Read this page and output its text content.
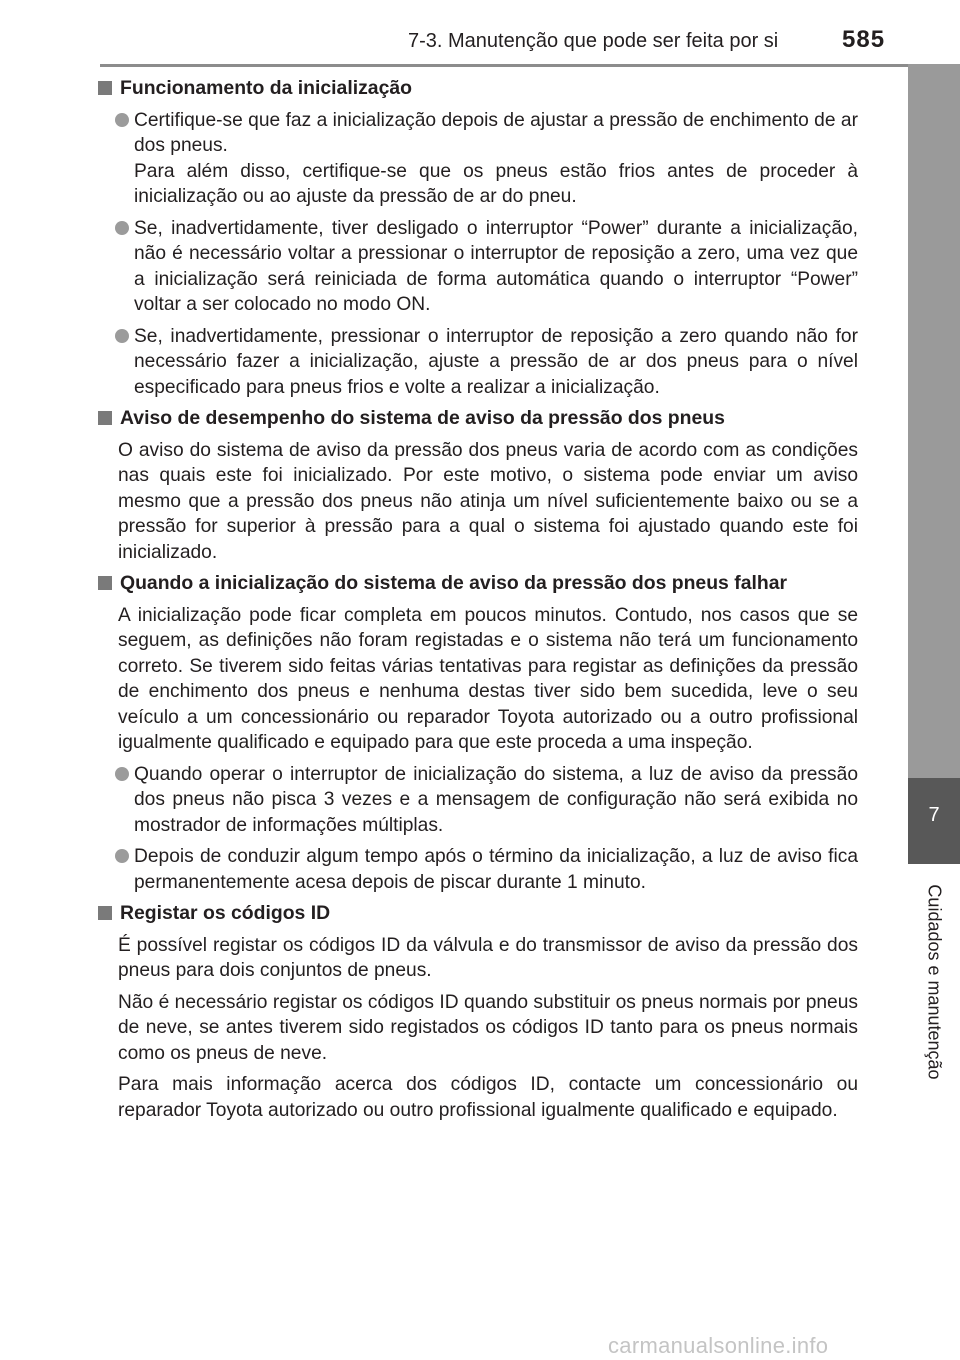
7-3. Manutenção que pode ser feita por si	585
7
Cuidados e manutenção
Funcionamento da inicialização
Certifique-se que faz a inicialização depois de ajustar a pressão de enchimento de ar dos pneus.
Para além disso, certifique-se que os pneus estão frios antes de proceder à inicialização ou ao ajuste da pressão de ar do pneu.
Se, inadvertidamente, tiver desligado o interruptor “Power” durante a inicialização, não é necessário voltar a pressionar o interruptor de reposição a zero, uma vez que a inicialização será reiniciada de forma automática quando o interruptor “Power” voltar a ser colocado no modo ON.
Se, inadvertidamente, pressionar o interruptor de reposição a zero quando não for necessário fazer a inicialização, ajuste a pressão de ar dos pneus para o nível especificado para pneus frios e volte a realizar a inicialização.
Aviso de desempenho do sistema de aviso da pressão dos pneus

O aviso do sistema de aviso da pressão dos pneus varia de acordo com as condições nas quais este foi inicializado. Por este motivo, o sistema pode enviar um aviso mesmo que a pressão dos pneus não atinja um nível suficientemente baixo ou se a pressão for superior à pressão para a qual o sistema foi ajustado quando este foi inicializado.

Quando a inicialização do sistema de aviso da pressão dos pneus falhar

A inicialização pode ficar completa em poucos minutos. Contudo, nos casos que se seguem, as definições não foram registadas e o sistema não terá um funcionamento correto. Se tiverem sido feitas várias tentativas para registar as definições da pressão de enchimento dos pneus e nenhuma destas tiver sido bem sucedida, leve o seu veículo a um concessionário ou reparador Toyota autorizado ou a outro profissional igualmente qualificado e equipado para que este proceda a uma inspeção.

Quando operar o interruptor de inicialização do sistema, a luz de aviso da pressão dos pneus não pisca 3 vezes e a mensagem de configuração não será exibida no mostrador de informações múltiplas.
Depois de conduzir algum tempo após o término da inicialização, a luz de aviso fica permanentemente acesa depois de piscar durante 1 minuto.
Registar os códigos ID

É possível registar os códigos ID da válvula e do transmissor de aviso da pressão dos pneus para dois conjuntos de pneus.

Não é necessário registar os códigos ID quando substituir os pneus normais por pneus de neve, se antes tiverem sido registados os códigos ID tanto para os pneus normais como os pneus de neve.

Para mais informação acerca dos códigos ID, contacte um concessionário ou reparador Toyota autorizado ou outro profissional igualmente qualificado e equipado.

carmanualsonline.info
